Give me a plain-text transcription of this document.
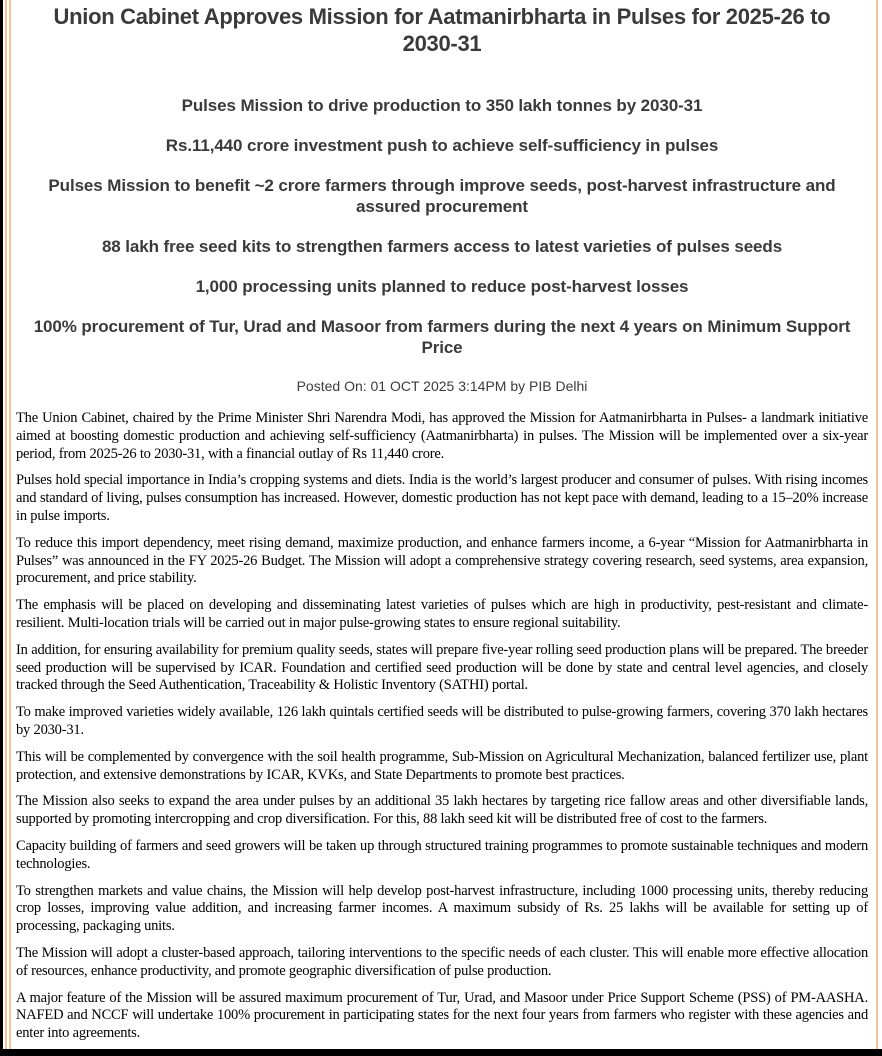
Union Cabinet Approves Mission for Aatmanirbharta in Pulses for 2025-26 to 2030-31

Pulses Mission to drive production to 350 lakh tonnes by 2030-31

Rs.11,440 crore investment push to achieve self-sufficiency in pulses

Pulses Mission to benefit ~2 crore farmers through improve seeds, post-harvest infrastructure and assured procurement

88 lakh free seed kits to strengthen farmers access to latest varieties of pulses seeds

1,000 processing units planned to reduce post-harvest losses

100% procurement of Tur, Urad and Masoor from farmers during the next 4 years on Minimum Support Price

Posted On: 01 OCT 2025 3:14PM by PIB Delhi

The Union Cabinet, chaired by the Prime Minister Shri Narendra Modi, has approved the Mission for Aatmanirbharta in Pulses- a landmark initiative aimed at boosting domestic production and achieving self-sufficiency (Aatmanirbharta) in pulses. The Mission will be implemented over a six-year period, from 2025-26 to 2030-31, with a financial outlay of Rs 11,440 crore.

Pulses hold special importance in India’s cropping systems and diets. India is the world’s largest producer and consumer of pulses. With rising incomes and standard of living, pulses consumption has increased. However, domestic production has not kept pace with demand, leading to a 15–20% increase in pulse imports.

To reduce this import dependency, meet rising demand, maximize production, and enhance farmers income, a 6-year “Mission for Aatmanirbharta in Pulses” was announced in the FY 2025-26 Budget. The Mission will adopt a comprehensive strategy covering research, seed systems, area expansion, procurement, and price stability.

The emphasis will be placed on developing and disseminating latest varieties of pulses which are high in productivity, pest-resistant and climate-resilient. Multi-location trials will be carried out in major pulse-growing states to ensure regional suitability.

In addition, for ensuring availability for premium quality seeds, states will prepare five-year rolling seed production plans will be prepared. The breeder seed production will be supervised by ICAR. Foundation and certified seed production will be done by state and central level agencies, and closely tracked through the Seed Authentication, Traceability & Holistic Inventory (SATHI) portal.

To make improved varieties widely available, 126 lakh quintals certified seeds will be distributed to pulse-growing farmers, covering 370 lakh hectares by 2030-31.

This will be complemented by convergence with the soil health programme, Sub-Mission on Agricultural Mechanization, balanced fertilizer use, plant protection, and extensive demonstrations by ICAR, KVKs, and State Departments to promote best practices.

The Mission also seeks to expand the area under pulses by an additional 35 lakh hectares by targeting rice fallow areas and other diversifiable lands, supported by promoting intercropping and crop diversification. For this, 88 lakh seed kit will be distributed free of cost to the farmers.

Capacity building of farmers and seed growers will be taken up through structured training programmes to promote sustainable techniques and modern technologies.

To strengthen markets and value chains, the Mission will help develop post-harvest infrastructure, including 1000 processing units, thereby reducing crop losses, improving value addition, and increasing farmer incomes. A maximum subsidy of Rs. 25 lakhs will be available for setting up of processing, packaging units.

The Mission will adopt a cluster-based approach, tailoring interventions to the specific needs of each cluster. This will enable more effective allocation of resources, enhance productivity, and promote geographic diversification of pulse production.

A major feature of the Mission will be assured maximum procurement of Tur, Urad, and Masoor under Price Support Scheme (PSS) of PM-AASHA. NAFED and NCCF will undertake 100% procurement in participating states for the next four years from farmers who register with these agencies and enter into agreements.
